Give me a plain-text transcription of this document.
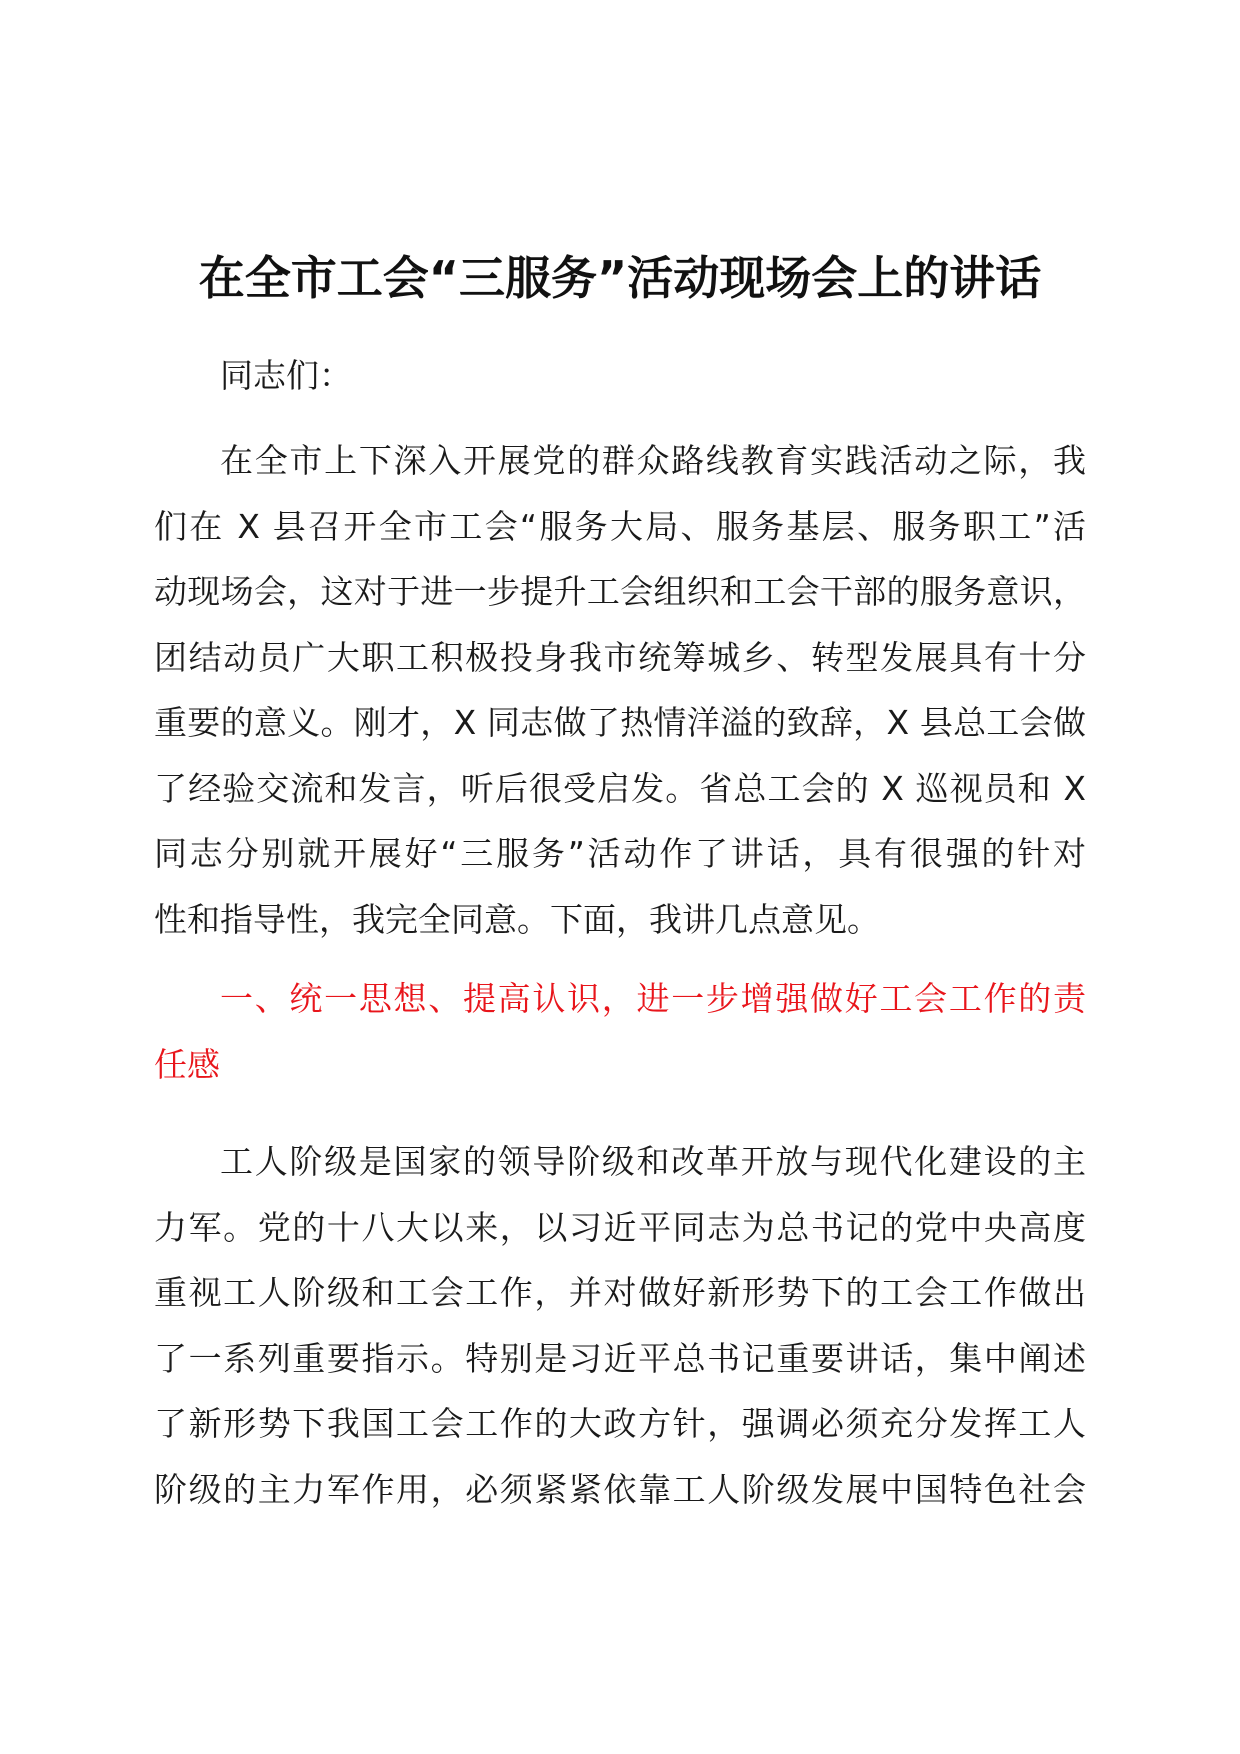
在全市工会“三服务”活动现场会上的讲话

同志们：

在全市上下深入开展党的群众路线教育实践活动之际，我
们在 X 县召开全市工会“服务大局、服务基层、服务职工”活
动现场会，这对于进一步提升工会组织和工会干部的服务意识，
团结动员广大职工积极投身我市统筹城乡、转型发展具有十分
重要的意义。刚才，X 同志做了热情洋溢的致辞，X 县总工会做
了经验交流和发言，听后很受启发。省总工会的 X 巡视员和 X
同志分别就开展好“三服务”活动作了讲话，具有很强的针对
性和指导性，我完全同意。下面，我讲几点意见。
一、统一思想、提高认识，进一步增强做好工会工作的责
任感
工人阶级是国家的领导阶级和改革开放与现代化建设的主
力军。党的十八大以来，以习近平同志为总书记的党中央高度
重视工人阶级和工会工作，并对做好新形势下的工会工作做出
了一系列重要指示。特别是习近平总书记重要讲话，集中阐述
了新形势下我国工会工作的大政方针，强调必须充分发挥工人
阶级的主力军作用，必须紧紧依靠工人阶级发展中国特色社会
